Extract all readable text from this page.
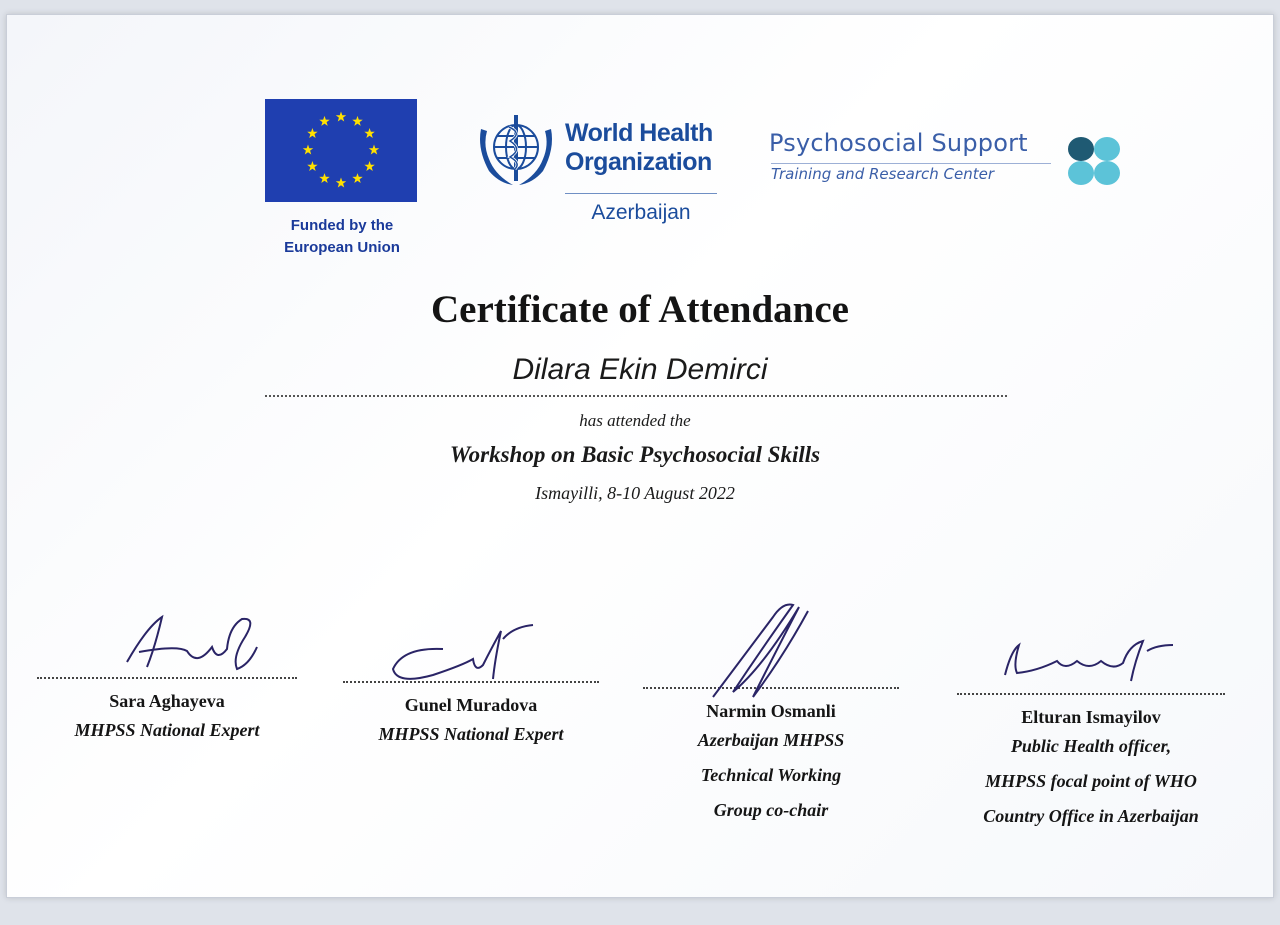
Funded by the
European Union
World Health
Organization
Azerbaijan
Psychosocial Support
Training and Research Center
Certificate of Attendance
Dilara Ekin Demirci
has attended the
Workshop on Basic Psychosocial Skills
Ismayilli, 8-10 August 2022
Sara Aghayeva
MHPSS National Expert
Gunel Muradova
MHPSS National Expert
Narmin Osmanli
Azerbaijan MHPSS
Technical Working
Group co-chair
Elturan Ismayilov
Public Health officer,
MHPSS focal point of WHO
Country Office in Azerbaijan
